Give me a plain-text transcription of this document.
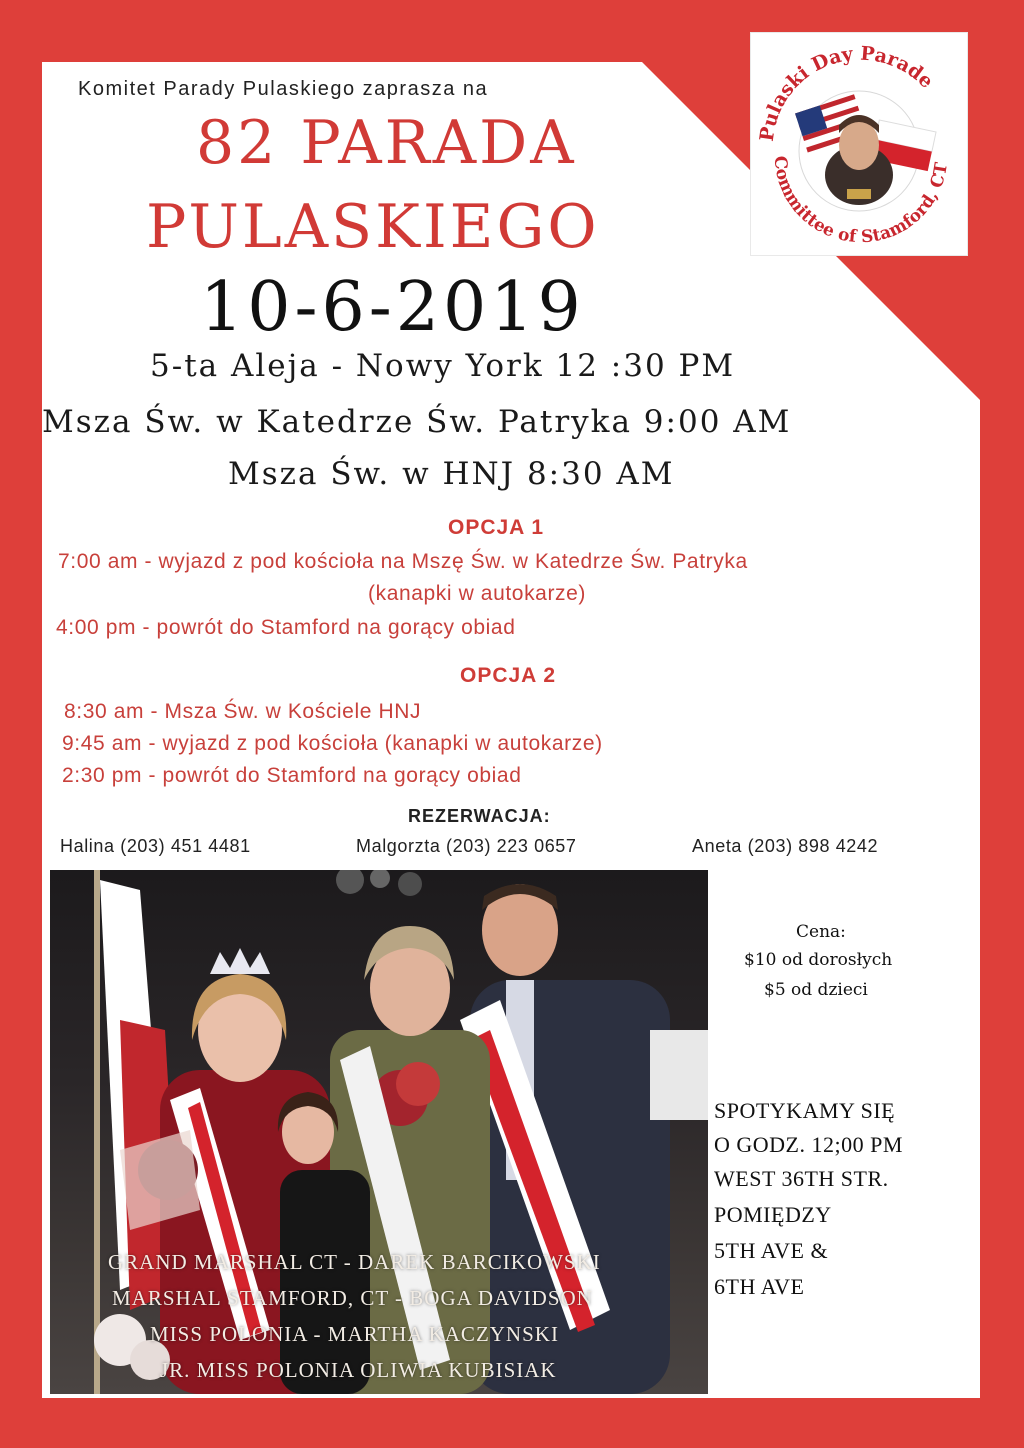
Pulaski Day Parade
Committee of Stamford, CT
Komitet Parady Pulaskiego zaprasza na
82 PARADA
PULASKIEGO
10-6-2019
5-ta Aleja - Nowy York 12 :30 PM
Msza Św. w Katedrze Św. Patryka 9:00 AM
Msza Św. w HNJ 8:30 AM
OPCJA 1
7:00 am - wyjazd z pod kościoła na Mszę Św. w Katedrze Św. Patryka
(kanapki w autokarze)
4:00 pm - powrót do Stamford na gorący obiad
OPCJA 2
8:30 am - Msza Św. w Kościele HNJ
9:45 am - wyjazd z pod kościoła (kanapki w autokarze)
2:30 pm - powrót do Stamford na gorący obiad
REZERWACJA:
Halina (203) 451 4481	Malgorzta (203) 223 0657	Aneta (203) 898 4242
GRAND MARSHAL CT - DAREK BARCIKOWSKI
MARSHAL STAMFORD, CT - BOGA DAVIDSON
MISS POLONIA - MARTHA KACZYNSKI
JR. MISS POLONIA OLIWIA KUBISIAK
Cena:
$10 od dorosłych
$5 od dzieci
SPOTYKAMY SIĘ
O GODZ. 12;00 PM
WEST 36TH STR.
POMIĘDZY
5TH AVE &
6TH AVE
